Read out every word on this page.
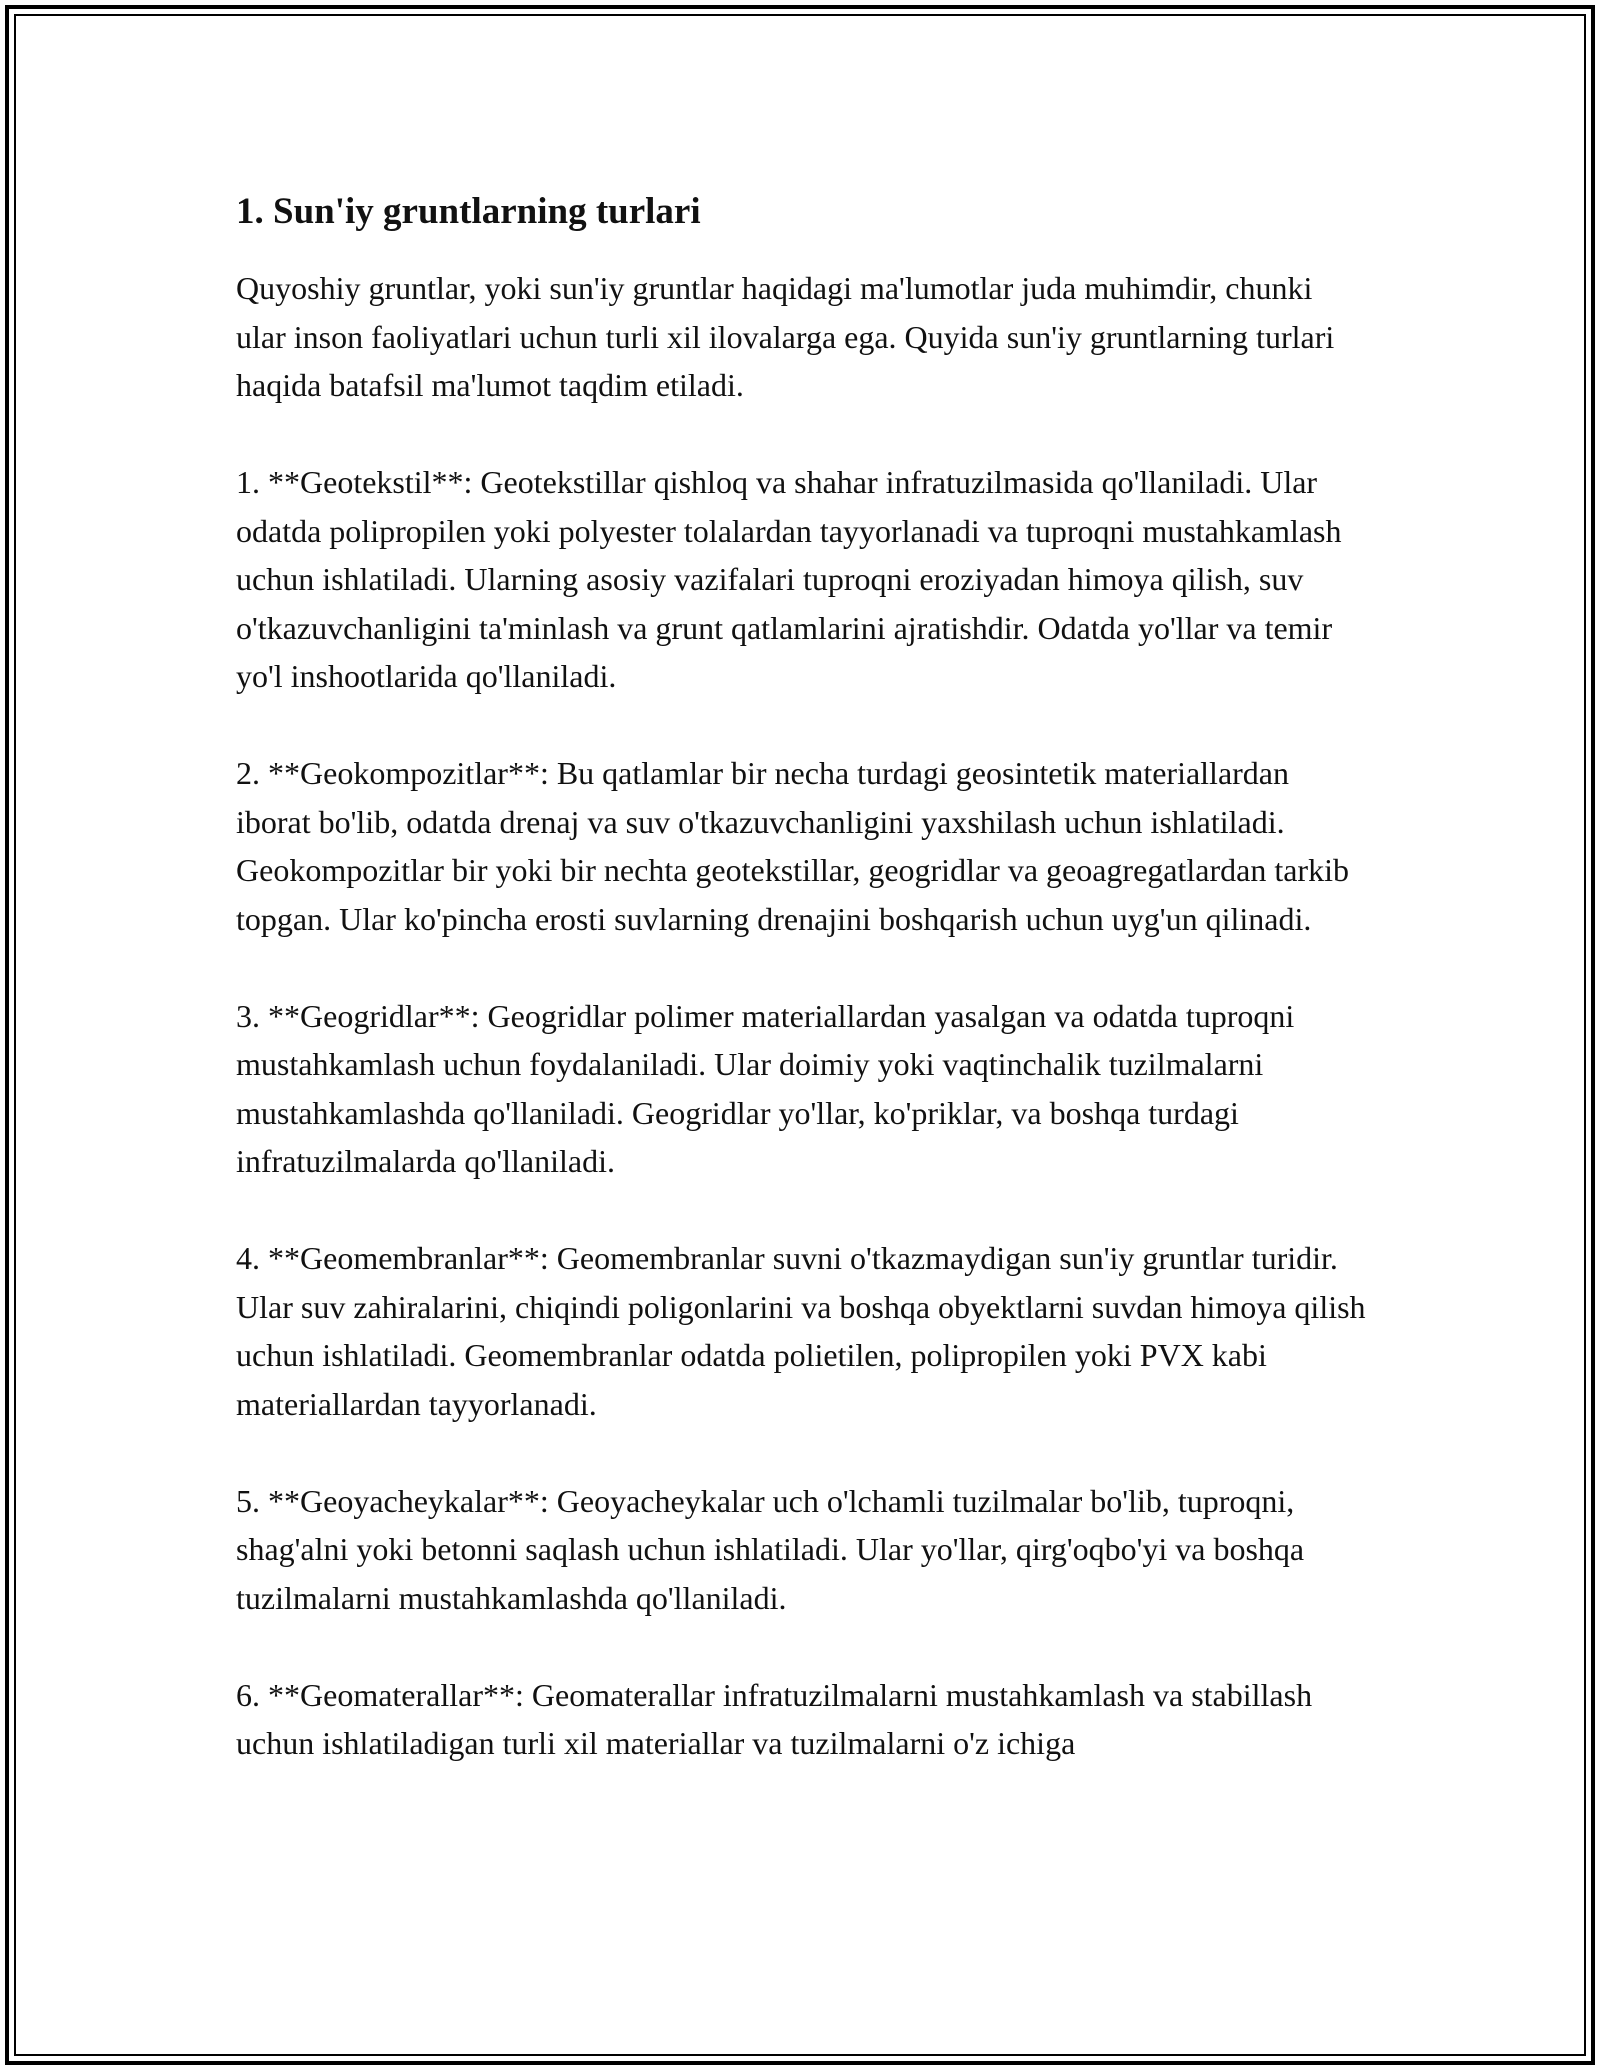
1. Sun'iy gruntlarning turlari

Quyoshiy gruntlar, yoki sun'iy gruntlar haqidagi ma'lumotlar juda muhimdir, chunki ular inson faoliyatlari uchun turli xil ilovalarga ega. Quyida sun'iy gruntlarning turlari haqida batafsil ma'lumot taqdim etiladi.

1. **Geotekstil**: Geotekstillar qishloq va shahar infratuzilmasida qo'llaniladi. Ular odatda polipropilen yoki polyester tolalardan tayyorlanadi va tuproqni mustahkamlash uchun ishlatiladi. Ularning asosiy vazifalari tuproqni eroziyadan himoya qilish, suv o'tkazuvchanligini ta'minlash va grunt qatlamlarini ajratishdir. Odatda yo'llar va temir yo'l inshootlarida qo'llaniladi.

2. **Geokompozitlar**: Bu qatlamlar bir necha turdagi geosintetik materiallardan iborat bo'lib, odatda drenaj va suv o'tkazuvchanligini yaxshilash uchun ishlatiladi. Geokompozitlar bir yoki bir nechta geotekstillar, geogridlar va geoagregatlardan tarkib topgan. Ular ko'pincha erosti suvlarning drenajini boshqarish uchun uyg'un qilinadi.

3. **Geogridlar**: Geogridlar polimer materiallardan yasalgan va odatda tuproqni mustahkamlash uchun foydalaniladi. Ular doimiy yoki vaqtinchalik tuzilmalarni mustahkamlashda qo'llaniladi. Geogridlar yo'llar, ko'priklar, va boshqa turdagi infratuzilmalarda qo'llaniladi.

4. **Geomembranlar**: Geomembranlar suvni o'tkazmaydigan sun'iy gruntlar turidir. Ular suv zahiralarini, chiqindi poligonlarini va boshqa obyektlarni suvdan himoya qilish uchun ishlatiladi. Geomembranlar odatda polietilen, polipropilen yoki PVX kabi materiallardan tayyorlanadi.

5. **Geoyacheykalar**: Geoyacheykalar uch o'lchamli tuzilmalar bo'lib, tuproqni, shag'alni yoki betonni saqlash uchun ishlatiladi. Ular yo'llar, qirg'oqbo'yi va boshqa tuzilmalarni mustahkamlashda qo'llaniladi.

6. **Geomaterallar**: Geomaterallar infratuzilmalarni mustahkamlash va stabillash uchun ishlatiladigan turli xil materiallar va tuzilmalarni o'z ichiga
